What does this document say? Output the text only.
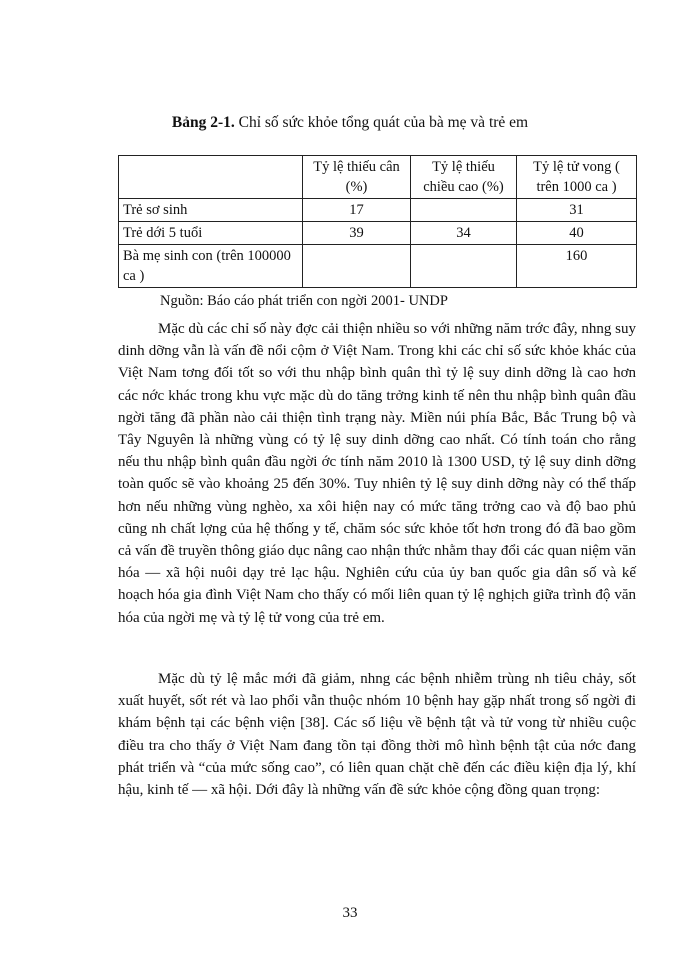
Bảng 2-1. Chỉ số sức khỏe tổng quát của bà mẹ và trẻ em
	Tỷ lệ thiếu cân (%)	Tỷ lệ thiếu chiều cao (%)	Tỷ lệ tử vong ( trên 1000 ca )
Trẻ sơ sinh	17		31
Trẻ dới 5 tuổi	39	34	40
Bà mẹ sinh con (trên 100000 ca )			160
Nguồn: Báo cáo phát triển con ngời 2001- UNDP

Mặc dù các chỉ số này đợc cải thiện nhiều so với những năm trớc đây, nhng suy dinh dỡng vẫn là vấn đề nổi cộm ở Việt Nam. Trong khi các chỉ số sức khỏe khác của Việt Nam tơng đối tốt so với thu nhập bình quân thì tỷ lệ suy dinh dỡng là cao hơn các nớc khác trong khu vực mặc dù do tăng trởng kinh tế nên thu nhập bình quân đầu ngời tăng đã phần nào cải thiện tình trạng này. Miền núi phía Bắc, Bắc Trung bộ và Tây Nguyên là những vùng có tỷ lệ suy dinh dỡng cao nhất. Có tính toán cho rằng nếu thu nhập bình quân đầu ngời ớc tính năm 2010 là 1300 USD, tỷ lệ suy dinh dỡng toàn quốc sẽ vào khoảng 25 đến 30%. Tuy nhiên tỷ lệ suy dinh dỡng này có thể thấp hơn nếu những vùng nghèo, xa xôi hiện nay có mức tăng trởng cao và độ bao phủ cũng nh chất lợng của hệ thống y tế, chăm sóc sức khỏe tốt hơn trong đó đã bao gồm cả vấn đề truyền thông giáo dục nâng cao nhận thức nhằm thay đổi các quan niệm văn hóa — xã hội nuôi dạy trẻ lạc hậu. Nghiên cứu của ủy ban quốc gia dân số và kế hoạch hóa gia đình Việt Nam cho thấy có mối liên quan tỷ lệ nghịch giữa trình độ văn hóa của ngời mẹ và tỷ lệ tử vong của trẻ em.

Mặc dù tỷ lệ mắc mới đã giảm, nhng các bệnh nhiễm trùng nh tiêu chảy, sốt xuất huyết, sốt rét và lao phổi vẫn thuộc nhóm 10 bệnh hay gặp nhất trong số ngời đi khám bệnh tại các bệnh viện [38]. Các số liệu về bệnh tật và tử vong từ nhiều cuộc điều tra cho thấy ở Việt Nam đang tồn tại đồng thời mô hình bệnh tật của nớc đang phát triển và “của mức sống cao”, có liên quan chặt chẽ đến các điều kiện địa lý, khí hậu, kinh tế — xã hội. Dới đây là những vấn đề sức khỏe cộng đồng quan trọng:

33
